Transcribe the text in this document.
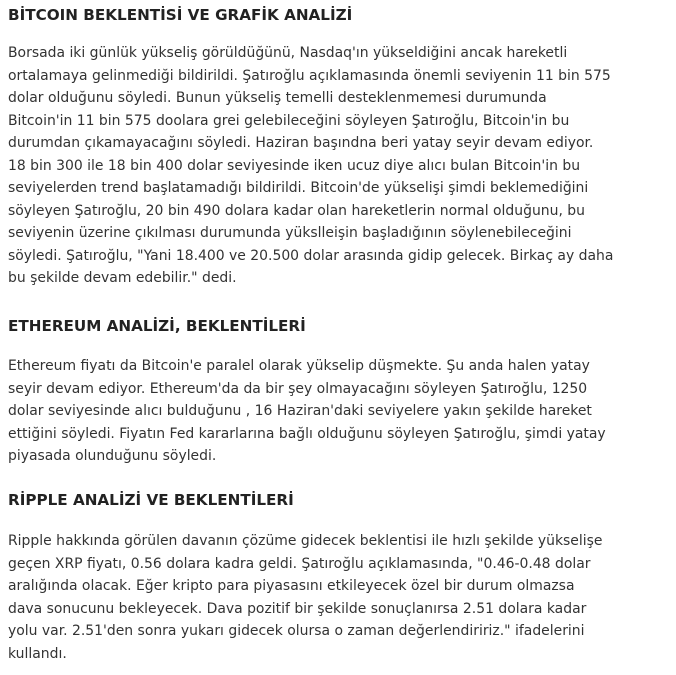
BİTCOIN BEKLENTİSİ VE GRAFİK ANALİZİ
Borsada iki günlük yükseliş görüldüğünü, Nasdaq'ın yükseldiğini ancak hareketli
ortalamaya gelinmediği bildirildi. Şatıroğlu açıklamasında önemli seviyenin 11 bin 575
dolar olduğunu söyledi. Bunun yükseliş temelli desteklenmemesi durumunda
Bitcoin'in 11 bin 575 doolara grei gelebileceğini söyleyen Şatıroğlu, Bitcoin'in bu
durumdan çıkamayacağını söyledi. Haziran başındna beri yatay seyir devam ediyor.
18 bin 300 ile 18 bin 400 dolar seviyesinde iken ucuz diye alıcı bulan Bitcoin'in bu
seviyelerden trend başlatamadığı bildirildi. Bitcoin'de yükselişi şimdi beklemediğini
söyleyen Şatıroğlu, 20 bin 490 dolara kadar olan hareketlerin normal olduğunu, bu
seviyenin üzerine çıkılması durumunda yükslleişin başladığının söylenebileceğini
söyledi. Şatıroğlu, "Yani 18.400 ve 20.500 dolar arasında gidip gelecek. Birkaç ay daha
bu şekilde devam edebilir." dedi.
ETHEREUM ANALİZİ, BEKLENTİLERİ
Ethereum fiyatı da Bitcoin'e paralel olarak yükselip düşmekte. Şu anda halen yatay
seyir devam ediyor. Ethereum'da da bir şey olmayacağını söyleyen Şatıroğlu, 1250
dolar seviyesinde alıcı bulduğunu , 16 Haziran'daki seviyelere yakın şekilde hareket
ettiğini söyledi. Fiyatın Fed kararlarına bağlı olduğunu söyleyen Şatıroğlu, şimdi yatay
piyasada olunduğunu söyledi.
RİPPLE ANALİZİ VE BEKLENTİLERİ
Ripple hakkında görülen davanın çözüme gidecek beklentisi ile hızlı şekilde yükselişe
geçen XRP fiyatı, 0.56 dolara kadra geldi. Şatıroğlu açıklamasında, "0.46-0.48 dolar
aralığında olacak. Eğer kripto para piyasasını etkileyecek özel bir durum olmazsa
dava sonucunu bekleyecek. Dava pozitif bir şekilde sonuçlanırsa 2.51 dolara kadar
yolu var. 2.51'den sonra yukarı gidecek olursa o zaman değerlendiririz." ifadelerini
kullandı.
